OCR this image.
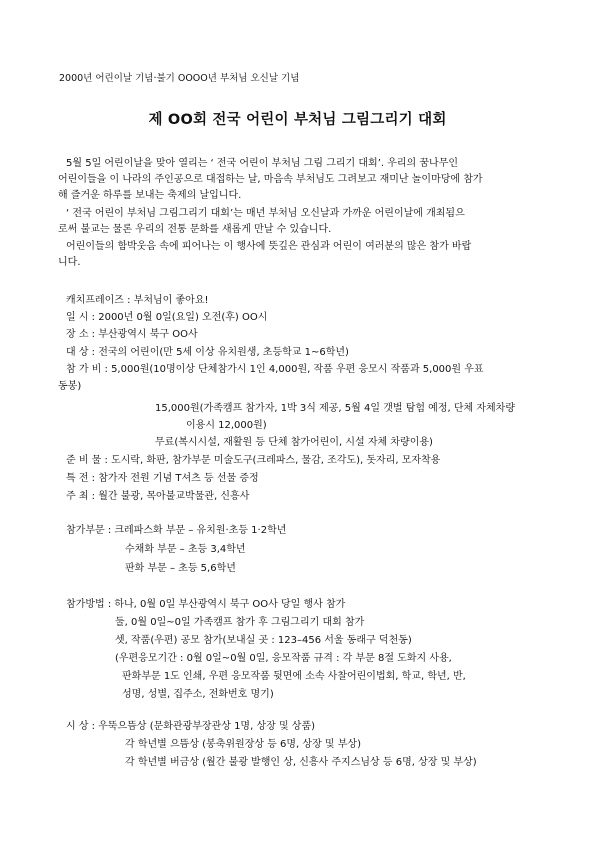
2000년 어린이날 기념·불기 OOOO년 부처님 오신날 기념
제 OO회 전국 어린이 부처님 그림그리기 대회
5월 5일 어린이날을 맞아 열리는 ‘ 전국 어린이 부처님 그림 그리기 대회’. 우리의 꿈나무인
어린이들을 이 나라의 주인공으로 대접하는 날, 마음속 부처님도 그려보고 재미난 놀이마당에 참가
해 즐거운 하루를 보내는 축제의 날입니다.
‘ 전국 어린이 부처님 그림그리기 대회’는 매년 부처님 오신날과 가까운 어린이날에 개최됨으
로써 불교는 물론 우리의 전통 문화를 새롭게 만날 수 있습니다.
어린이들의 함박웃음 속에 피어나는 이 행사에 뜻깊은 관심과 어린이 여러분의 많은 참가 바랍
니다.
캐치프레이즈 : 부처님이 좋아요!
일 시 : 2000년 0월 0일(요일) 오전(후) OO시
장 소 : 부산광역시 북구 OO사
대 상 : 전국의 어린이(만 5세 이상 유치원생, 초등학교 1~6학년)
참 가 비 : 5,000원(10명이상 단체참가시 1인 4,000원, 작품 우편 응모시 작품과 5,000원 우표
동봉)
15,000원(가족캠프 참가자, 1박 3식 제공, 5월 4일 갯벌 탐험 예정, 단체 자체차량
이용시 12,000원)
무료(복시시설, 재활원 등 단체 참가어린이, 시설 자체 차량이용)
준 비 물 : 도시락, 화판, 참가부문 미술도구(크레파스, 물감, 조각도), 돗자리, 모자착용
특 전 : 참가자 전원 기념 T셔츠 등 선물 증정
주 최 : 월간 불광, 목아불교박물관, 신흥사
참가부문 : 크레파스화 부문 – 유치원·초등 1·2학년
수채화 부문 – 초등 3,4학년
판화 부문 – 초등 5,6학년
참가방법 : 하나, 0월 0일 부산광역시 북구 OO사 당일 행사 참가
둘, 0월 0일~0일 가족캠프 참가 후 그림그리기 대회 참가
셋, 작품(우편) 공모 참가(보내실 곳 : 123–456 서울 동래구 덕천동)
(우편응모기간 : 0월 0일~0월 0일, 응모작품 규격 : 각 부문 8절 도화지 사용,
판화부문 1도 인쇄, 우편 응모작품 뒷면에 소속 사찰어린이법회, 학교, 학년, 반,
성명, 성별, 집주소, 전화번호 명기)
시 상 : 우뚝으뜸상 (문화관광부장관상 1명, 상장 및 상품)
각 학년별 으뜸상 (봉축위원장상 등 6명, 상장 및 부상)
각 학년별 버금상 (월간 불광 발행인 상, 신흥사 주지스님상 등 6명, 상장 및 부상)
